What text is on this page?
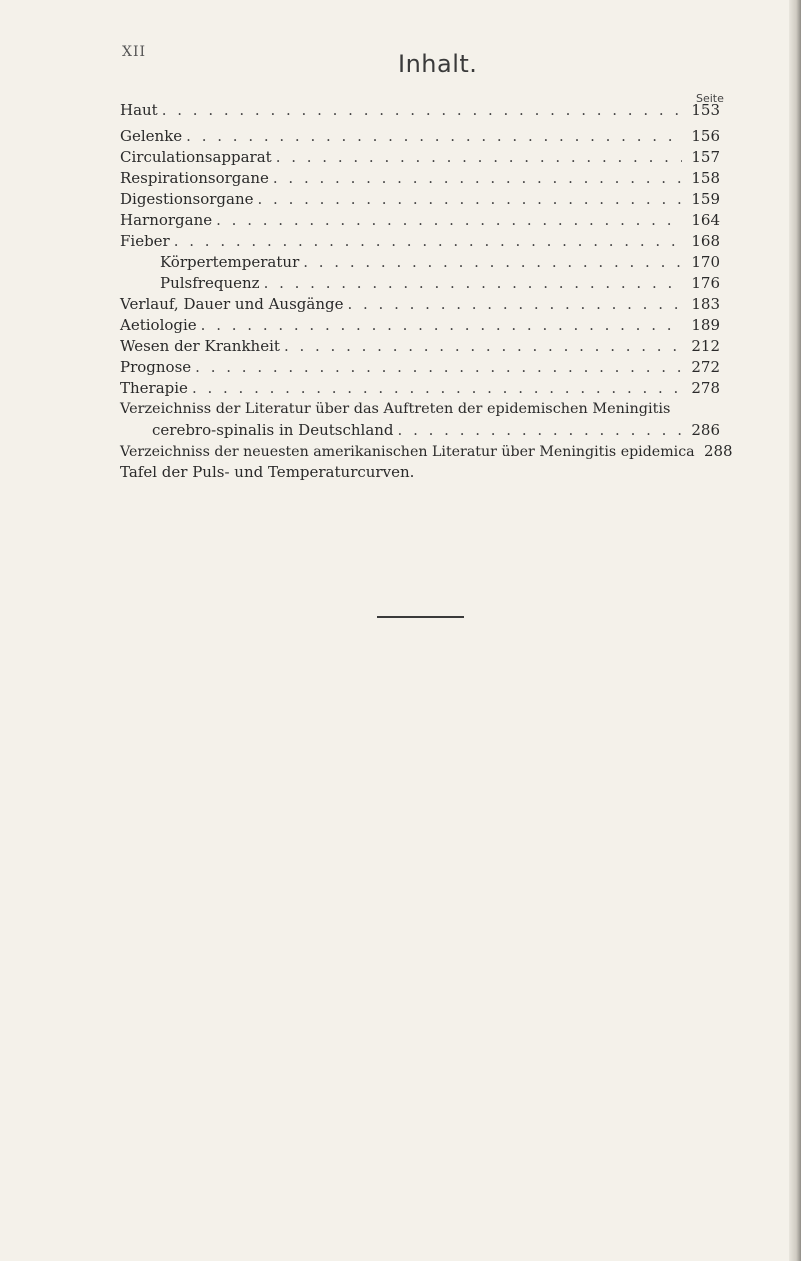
XII	Inhalt.
Seite
Haut . . .	153
Gelenke . . .	156
Circulationsapparat . . .	157
Respirationsorgane . . .	158
Digestionsorgane . . .	159
Harnorgane . . .	164
Fieber . . .	168
Körpertemperatur . . .	170
Pulsfrequenz . . .	176
Verlauf, Dauer und Ausgänge . . .	183
Aetiologie . . .	189
Wesen der Krankheit . . .	212
Prognose . . .	272
Therapie . . .	278
Verzeichniss der Literatur über das Auftreten der epidemischen Meningitis
cerebro-spinalis in Deutschland . . .	286
Verzeichniss der neuesten amerikanischen Literatur über Meningitis epidemica 288
Tafel der Puls- und Temperaturcurven.
